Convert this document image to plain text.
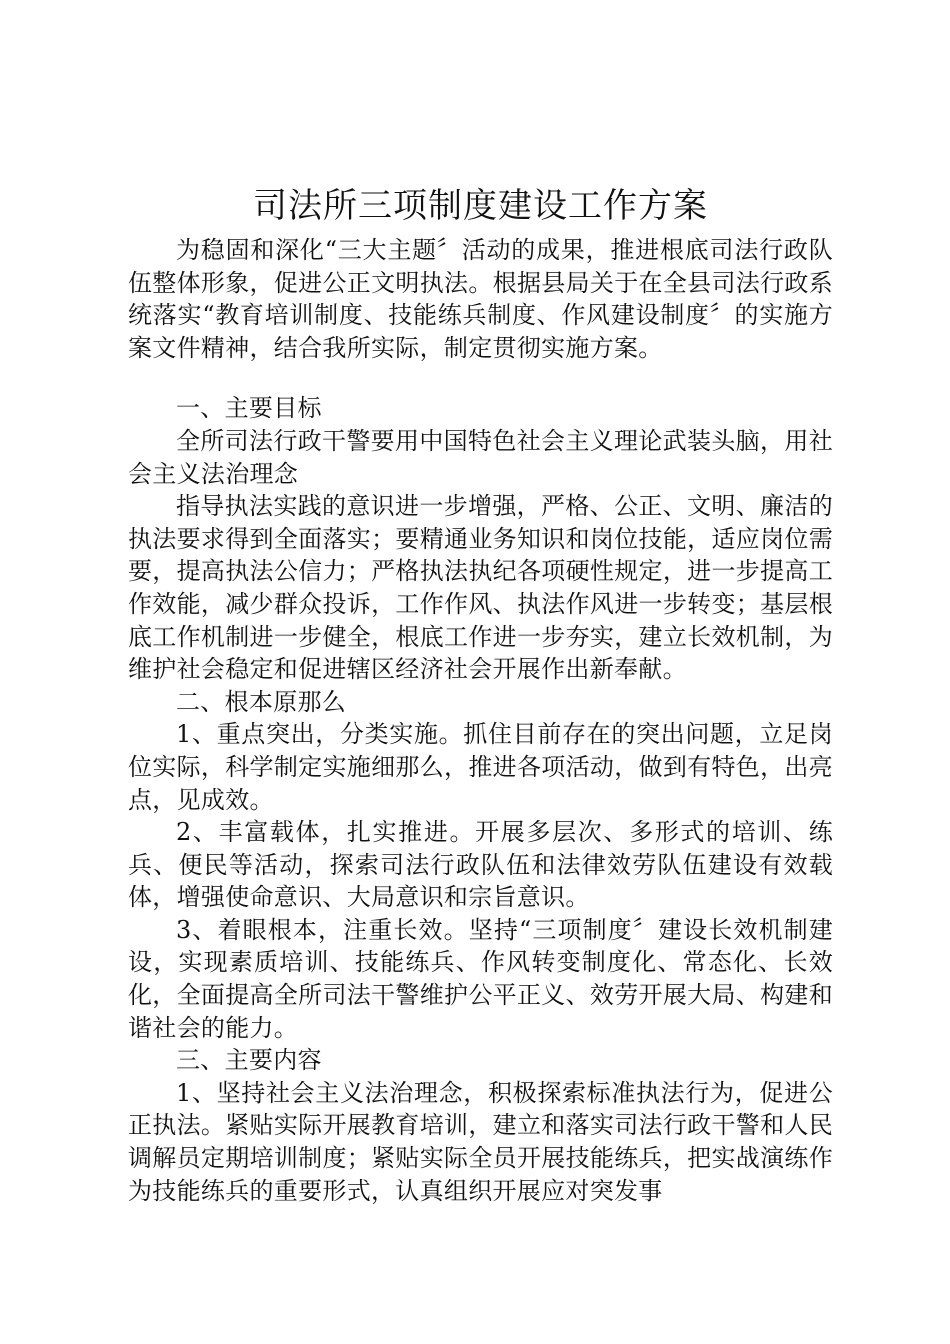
司法所三项制度建设工作方案

为稳固和深化“三大主题〞活动的成果，推进根底司法行政队伍整体形象，促进公正文明执法。根据县局关于在全县司法行政系统落实“教育培训制度、技能练兵制度、作风建设制度〞的实施方案文件精神，结合我所实际，制定贯彻实施方案。

一、主要目标

全所司法行政干警要用中国特色社会主义理论武装头脑，用社会主义法治理念

指导执法实践的意识进一步增强，严格、公正、文明、廉洁的执法要求得到全面落实；要精通业务知识和岗位技能，适应岗位需要，提高执法公信力；严格执法执纪各项硬性规定，进一步提高工作效能，减少群众投诉，工作作风、执法作风进一步转变；基层根底工作机制进一步健全，根底工作进一步夯实，建立长效机制，为维护社会稳定和促进辖区经济社会开展作出新奉献。

二、根本原那么

1、重点突出，分类实施。抓住目前存在的突出问题，立足岗位实际，科学制定实施细那么，推进各项活动，做到有特色，出亮点，见成效。

2、丰富载体，扎实推进。开展多层次、多形式的培训、练兵、便民等活动，探索司法行政队伍和法律效劳队伍建设有效载体，增强使命意识、大局意识和宗旨意识。

3、着眼根本，注重长效。坚持“三项制度〞建设长效机制建设，实现素质培训、技能练兵、作风转变制度化、常态化、长效化，全面提高全所司法干警维护公平正义、效劳开展大局、构建和谐社会的能力。

三、主要内容

1、坚持社会主义法治理念，积极探索标准执法行为，促进公正执法。紧贴实际开展教育培训，建立和落实司法行政干警和人民调解员定期培训制度；紧贴实际全员开展技能练兵，把实战演练作为技能练兵的重要形式，认真组织开展应对突发事
